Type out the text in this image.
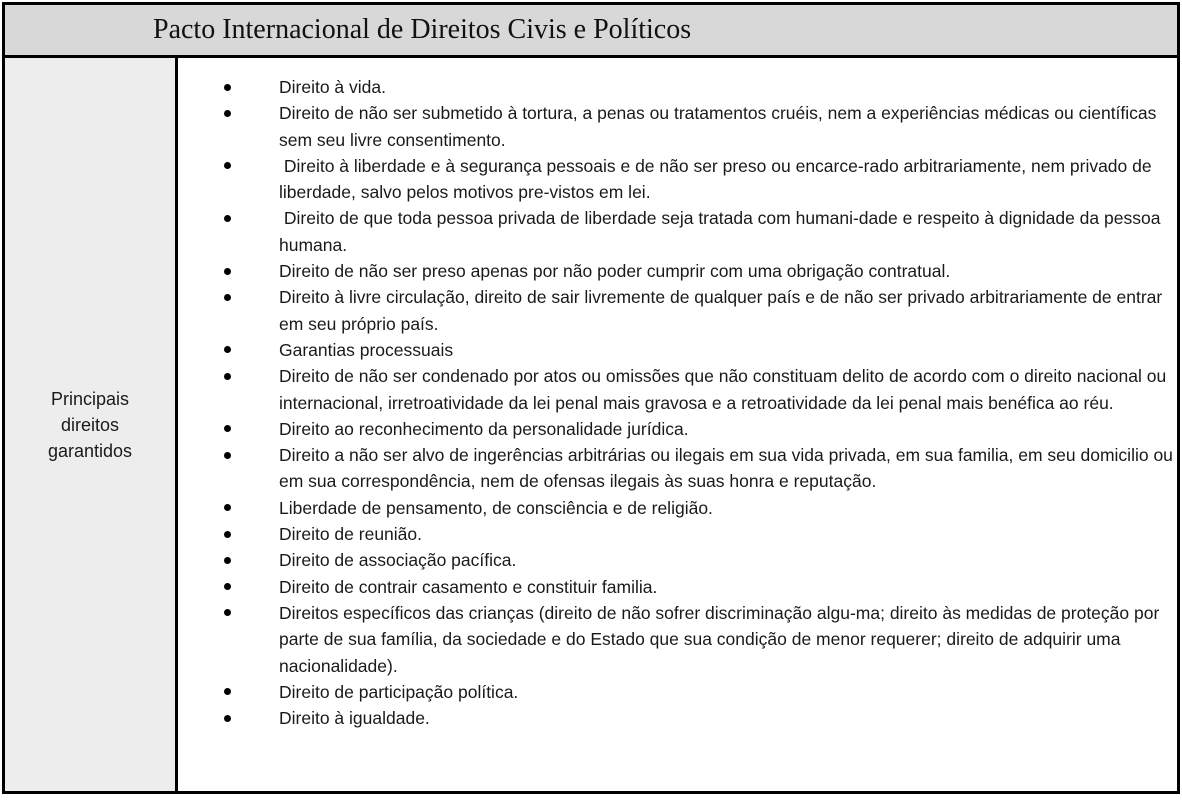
Pacto Internacional de Direitos Civis e Políticos
Principais direitos garantidos
Direito à vida.
Direito de não ser submetido à tortura, a penas ou tratamentos cruéis, nem a experiências médicas ou científicas sem seu livre consentimento.
Direito à liberdade e à segurança pessoais e de não ser preso ou encarce-rado arbitrariamente, nem privado de liberdade, salvo pelos motivos pre-vistos em lei.
Direito de que toda pessoa privada de liberdade seja tratada com humani-dade e respeito à dignidade da pessoa humana.
Direito de não ser preso apenas por não poder cumprir com uma obrigação contratual.
Direito à livre circulação, direito de sair livremente de qualquer país e de não ser privado arbitrariamente de entrar em seu próprio país.
Garantias processuais
Direito de não ser condenado por atos ou omissões que não constituam delito de acordo com o direito nacional ou internacional, irretroatividade da lei penal mais gravosa e a retroatividade da lei penal mais benéfica ao réu.
Direito ao reconhecimento da personalidade jurídica.
Direito a não ser alvo de ingerências arbitrárias ou ilegais em sua vida privada, em sua familia, em seu domicilio ou em sua correspondência, nem de ofensas ilegais às suas honra e reputação.
Liberdade de pensamento, de consciência e de religião.
Direito de reunião.
Direito de associação pacífica.
Direito de contrair casamento e constituir familia.
Direitos específicos das crianças (direito de não sofrer discriminação algu-ma; direito às medidas de proteção por parte de sua família, da sociedade e do Estado que sua condição de menor requerer; direito de adquirir uma nacionalidade).
Direito de participação política.
Direito à igualdade.
